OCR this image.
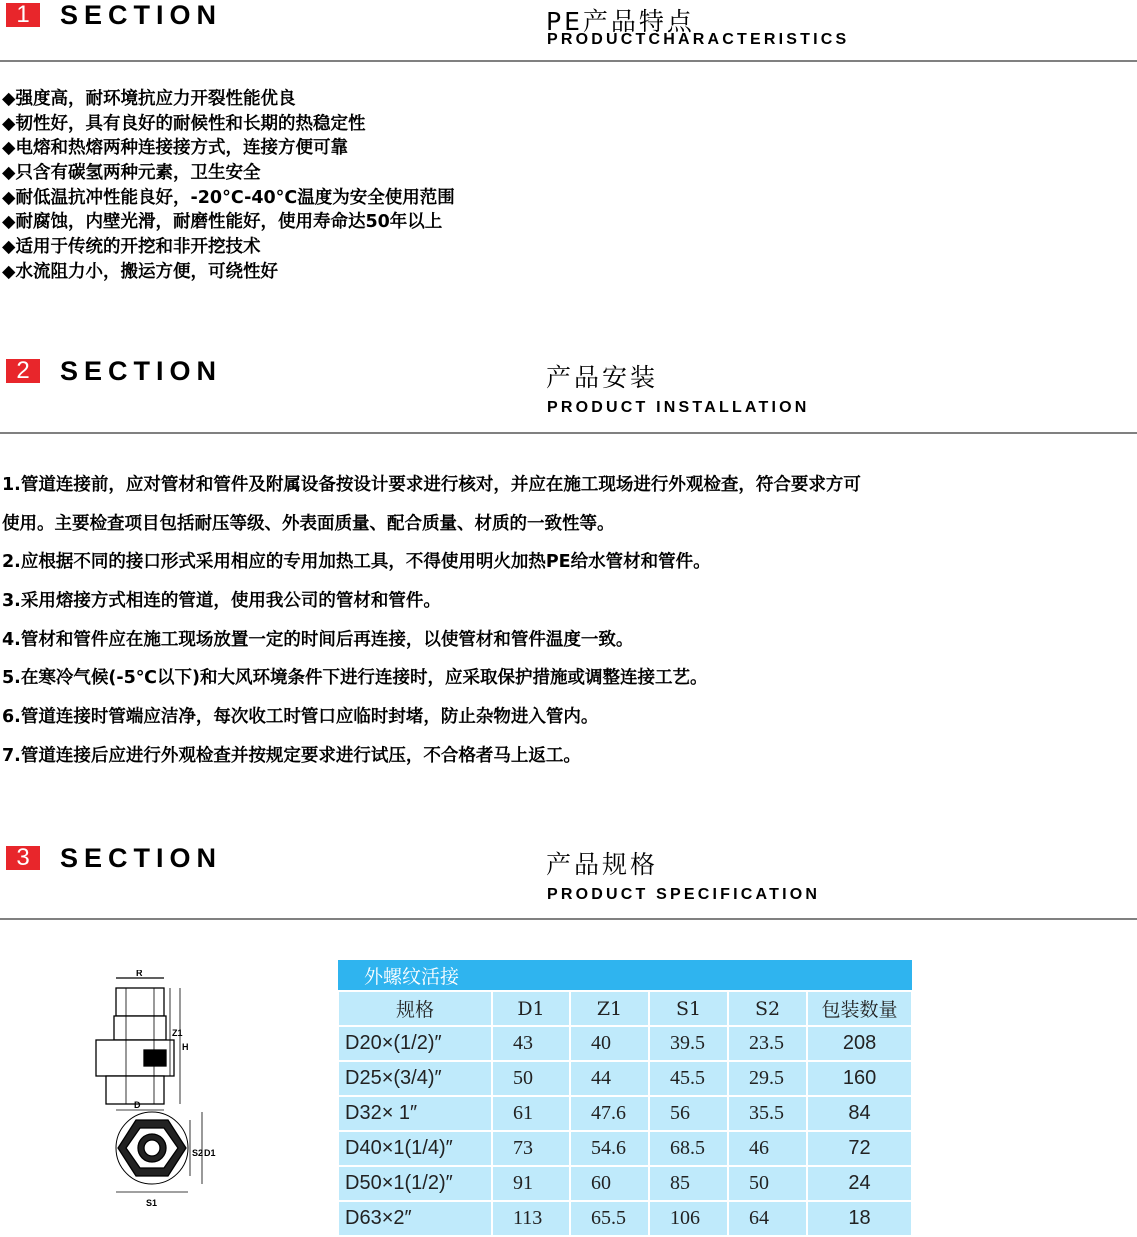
1	SECTION	PE产品特点
PRODUCTCHARACTERISTICS
◆强度高，耐环境抗应力开裂性能优良
◆韧性好，具有良好的耐候性和长期的热稳定性
◆电熔和热熔两种连接接方式，连接方便可靠
◆只含有碳氢两种元素，卫生安全
◆耐低温抗冲性能良好，-20°C-40°C温度为安全使用范围
◆耐腐蚀，内壁光滑，耐磨性能好，使用寿命达50年以上
◆适用于传统的开挖和非开挖技术
◆水流阻力小，搬运方便，可绕性好
2	SECTION	产品安装
PRODUCT INSTALLATION
1.管道连接前，应对管材和管件及附属设备按设计要求进行核对，并应在施工现场进行外观检查，符合要求方可
使用。主要检查项目包括耐压等级、外表面质量、配合质量、材质的一致性等。
2.应根据不同的接口形式采用相应的专用加热工具，不得使用明火加热PE给水管材和管件。
3.采用熔接方式相连的管道，使用我公司的管材和管件。
4.管材和管件应在施工现场放置一定的时间后再连接，以使管材和管件温度一致。
5.在寒冷气候(-5℃以下)和大风环境条件下进行连接时，应采取保护措施或调整连接工艺。
6.管道连接时管端应洁净，每次收工时管口应临时封堵，防止杂物进入管内。
7.管道连接后应进行外观检查并按规定要求进行试压，不合格者马上返工。
3	SECTION	产品规格
PRODUCT SPECIFICATION
R
Z1
H
D
S2 D1
S1
外螺纹活接					
规格	D1	Z1	S1	S2	包装数量
D20×(1/2)″	43	40	39.5	23.5	208
D25×(3/4)″	50	44	45.5	29.5	160
D32× 1″	61	47.6	56	35.5	84
D40×1(1/4)″	73	54.6	68.5	46	72
D50×1(1/2)″	91	60	85	50	24
D63×2″	113	65.5	106	64	18
